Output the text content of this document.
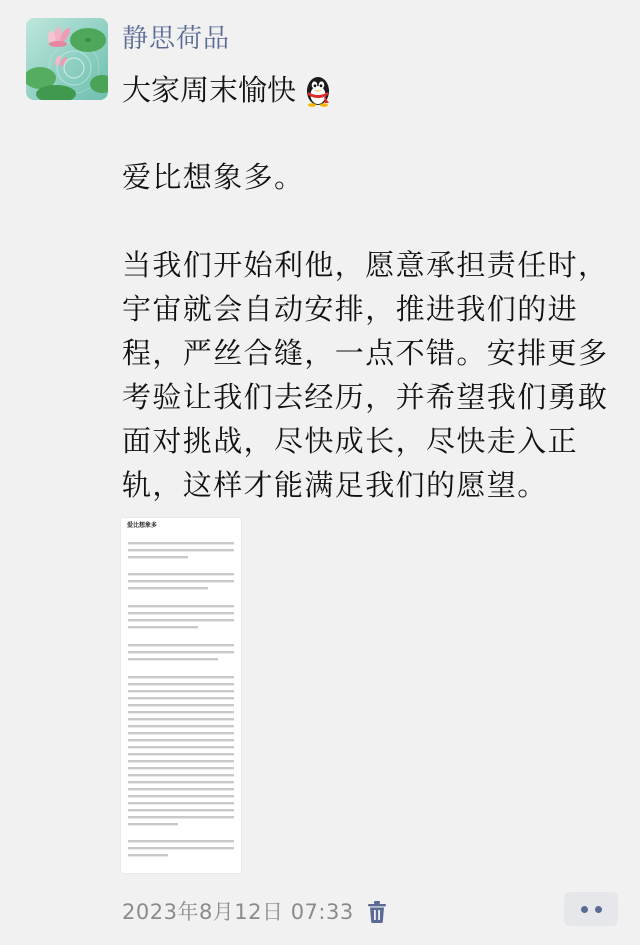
静思荷品
大家周末愉快

爱比想象多。

当我们开始利他，愿意承担责任时，宇宙就会自动安排，推进我们的进程，严丝合缝，一点不错。安排更多考验让我们去经历，并希望我们勇敢面对挑战，尽快成长，尽快走入正轨，这样才能满足我们的愿望。

爱比想象多
2023年8月12日 07:33
